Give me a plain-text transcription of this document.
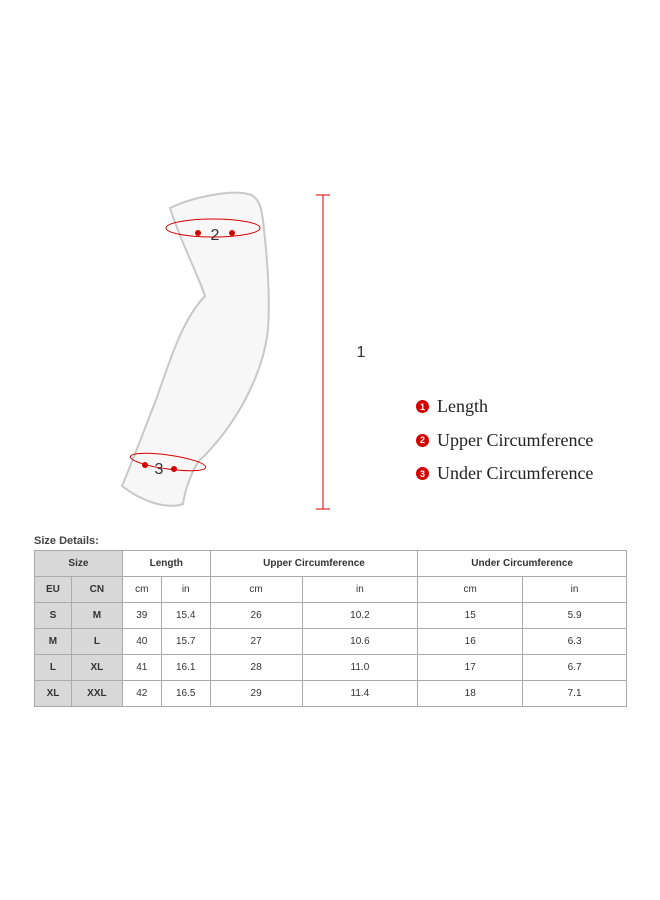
2
3
1
1 Length
2 Upper Circumference
3 Under Circumference
Size Details:
Size		Length		Upper Circumference		Under Circumference	
EU	CN	cm	in	cm	in	cm	in
S	M	39	15.4	26	10.2	15	5.9
M	L	40	15.7	27	10.6	16	6.3
L	XL	41	16.1	28	11.0	17	6.7
XL	XXL	42	16.5	29	11.4	18	7.1
